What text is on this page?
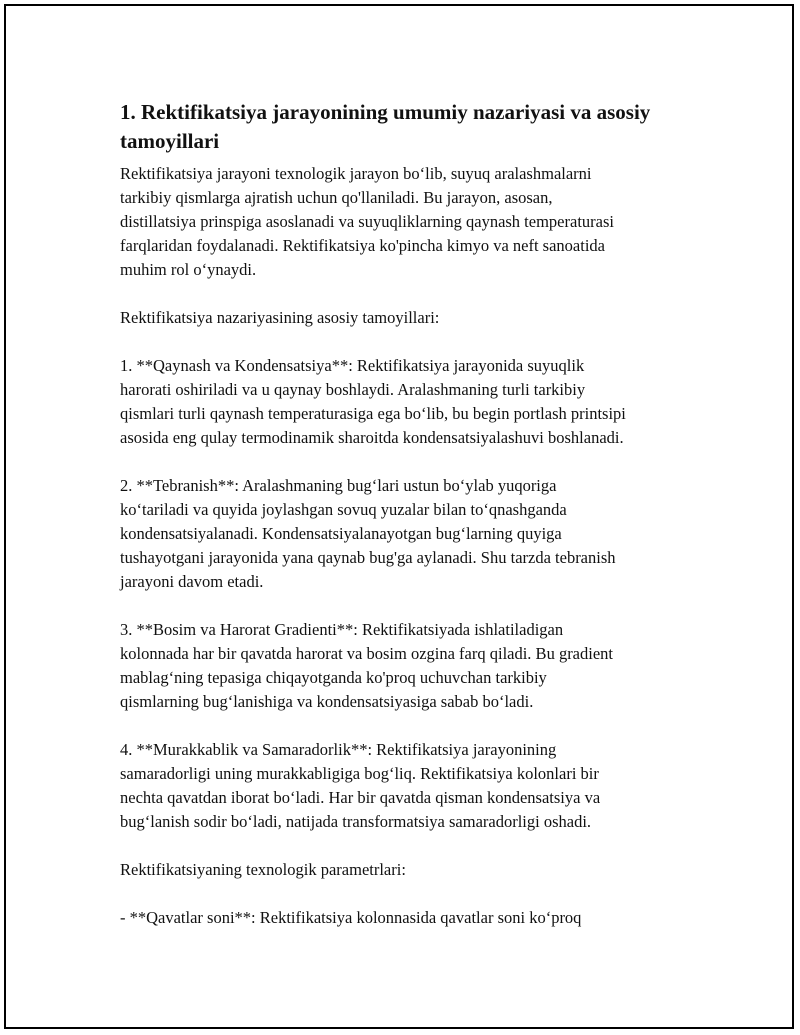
1. Rektifikatsiya jarayonining umumiy nazariyasi va asosiy
tamoyillari

Rektifikatsiya jarayoni texnologik jarayon bo‘lib, suyuq aralashmalarni
tarkibiy qismlarga ajratish uchun qo'llaniladi. Bu jarayon, asosan,
distillatsiya prinspiga asoslanadi va suyuqliklarning qaynash temperaturasi
farqlaridan foydalanadi. Rektifikatsiya ko'pincha kimyo va neft sanoatida
muhim rol o‘ynaydi.

Rektifikatsiya nazariyasining asosiy tamoyillari:

1. **Qaynash va Kondensatsiya**: Rektifikatsiya jarayonida suyuqlik
harorati oshiriladi va u qaynay boshlaydi. Aralashmaning turli tarkibiy
qismlari turli qaynash temperaturasiga ega bo‘lib, bu begin portlash printsipi
asosida eng qulay termodinamik sharoitda kondensatsiyalashuvi boshlanadi.

2. **Tebranish**: Aralashmaning bug‘lari ustun bo‘ylab yuqoriga
ko‘tariladi va quyida joylashgan sovuq yuzalar bilan to‘qnashganda
kondensatsiyalanadi. Kondensatsiyalanayotgan bug‘larning quyiga
tushayotgani jarayonida yana qaynab bug'ga aylanadi. Shu tarzda tebranish
jarayoni davom etadi.

3. **Bosim va Harorat Gradienti**: Rektifikatsiyada ishlatiladigan
kolonnada har bir qavatda harorat va bosim ozgina farq qiladi. Bu gradient
mablag‘ning tepasiga chiqayotganda ko'proq uchuvchan tarkibiy
qismlarning bug‘lanishiga va kondensatsiyasiga sabab bo‘ladi.

4. **Murakkablik va Samaradorlik**: Rektifikatsiya jarayonining
samaradorligi uning murakkabligiga bog‘liq. Rektifikatsiya kolonlari bir
nechta qavatdan iborat bo‘ladi. Har bir qavatda qisman kondensatsiya va
bug‘lanish sodir bo‘ladi, natijada transformatsiya samaradorligi oshadi.

Rektifikatsiyaning texnologik parametrlari:

- **Qavatlar soni**: Rektifikatsiya kolonnasida qavatlar soni ko‘proq
